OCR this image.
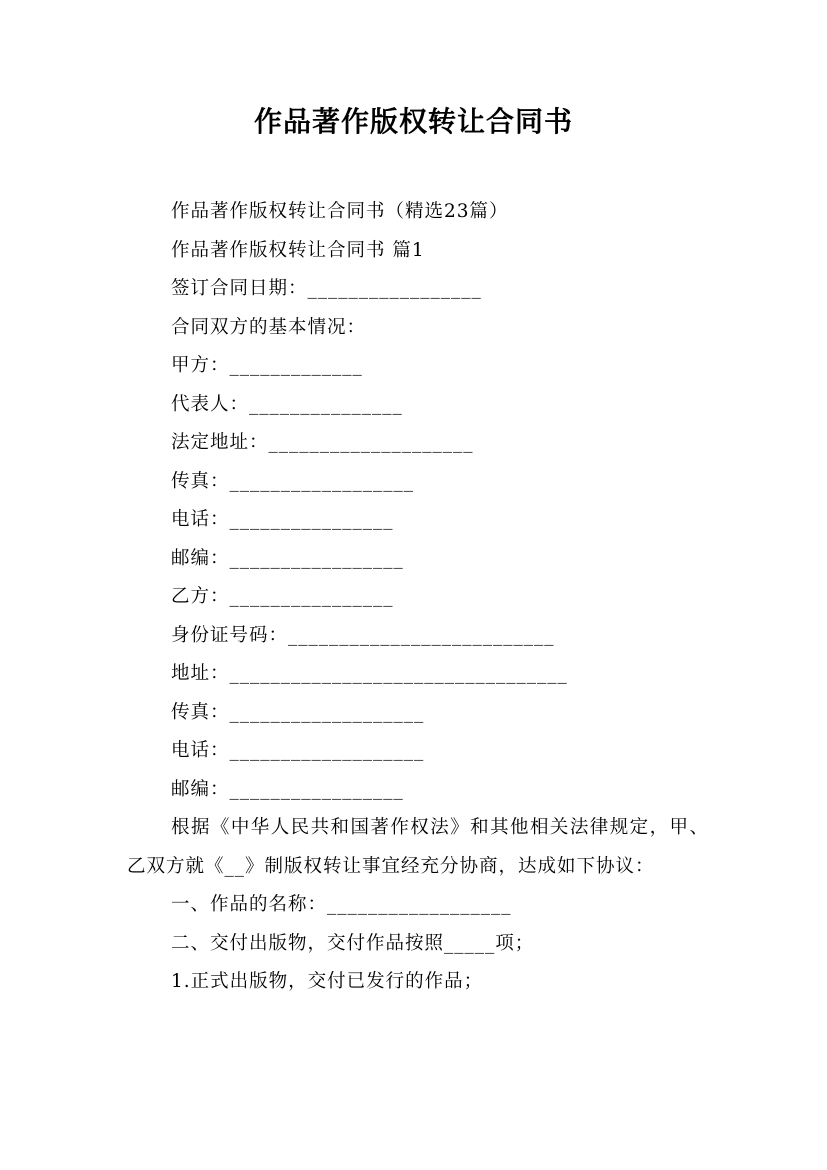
作品著作版权转让合同书
作品著作版权转让合同书（精选23篇）
作品著作版权转让合同书 篇1
签订合同日期：_________________
合同双方的基本情况：
甲方：_____________
代表人：_______________
法定地址：____________________
传真：__________________
电话：________________
邮编：_________________
乙方：________________
身份证号码：__________________________
地址：_________________________________
传真：___________________
电话：___________________
邮编：_________________
根据《中华人民共和国著作权法》和其他相关法律规定，甲、乙双方就《__》制版权转让事宜经充分协商，达成如下协议：
一、作品的名称：__________________
二、交付出版物，交付作品按照_____项；
1.正式出版物，交付已发行的作品；
